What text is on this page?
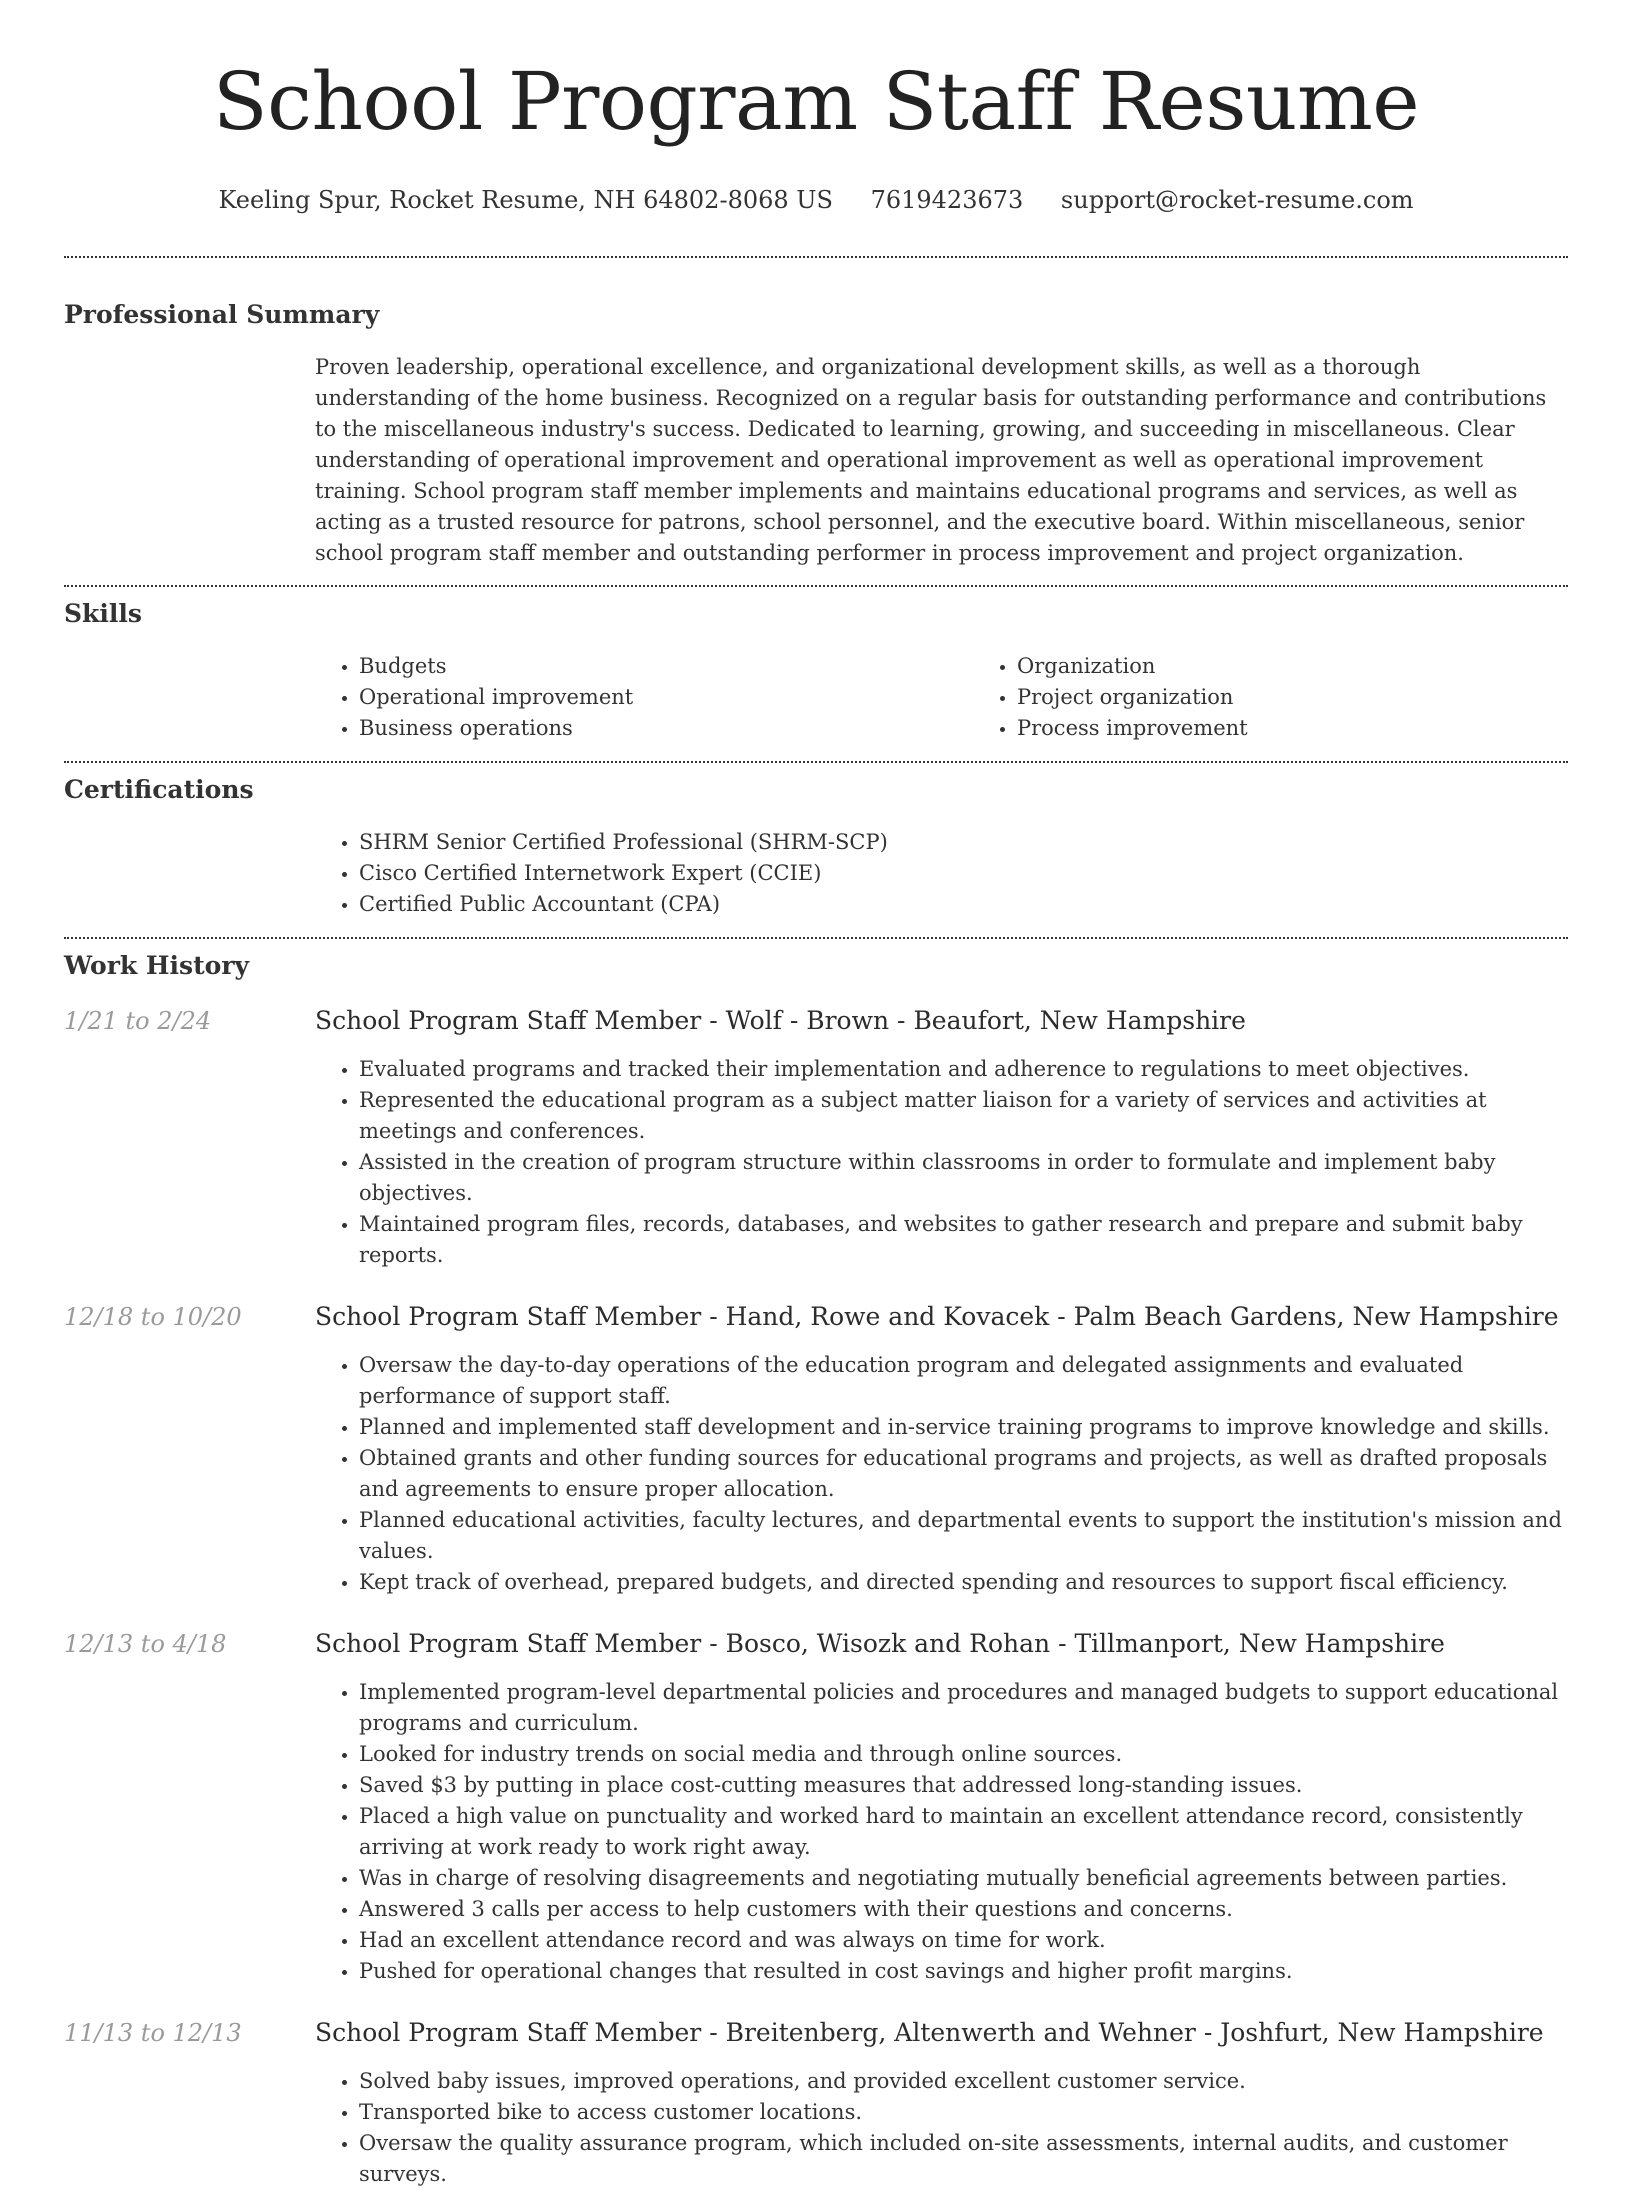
School Program Staff Resume
Keeling Spur, Rocket Resume, NH 64802-8068 US 7619423673 support@rocket-resume.com
Professional Summary

Proven leadership, operational excellence, and organizational development skills, as well as a thorough understanding of the home business. Recognized on a regular basis for outstanding performance and contributions to the miscellaneous industry's success. Dedicated to learning, growing, and succeeding in miscellaneous. Clear understanding of operational improvement and operational improvement as well as operational improvement training. School program staff member implements and maintains educational programs and services, as well as acting as a trusted resource for patrons, school personnel, and the executive board. Within miscellaneous, senior school program staff member and outstanding performer in process improvement and project organization.

Skills
• Budgets
• Operational improvement
• Business operations
• Organization
• Project organization
• Process improvement
Certifications
• SHRM Senior Certified Professional (SHRM-SCP)
• Cisco Certified Internetwork Expert (CCIE)
• Certified Public Accountant (CPA)
Work History
1/21 to 2/24	School Program Staff Member - Wolf - Brown - Beaufort, New Hampshire
• Evaluated programs and tracked their implementation and adherence to regulations to meet objectives.
• Represented the educational program as a subject matter liaison for a variety of services and activities at meetings and conferences.
• Assisted in the creation of program structure within classrooms in order to formulate and implement baby objectives.
• Maintained program files, records, databases, and websites to gather research and prepare and submit baby reports.
12/18 to 10/20	School Program Staff Member - Hand, Rowe and Kovacek - Palm Beach Gardens, New Hampshire
• Oversaw the day-to-day operations of the education program and delegated assignments and evaluated performance of support staff.
• Planned and implemented staff development and in-service training programs to improve knowledge and skills.
• Obtained grants and other funding sources for educational programs and projects, as well as drafted proposals and agreements to ensure proper allocation.
• Planned educational activities, faculty lectures, and departmental events to support the institution's mission and values.
• Kept track of overhead, prepared budgets, and directed spending and resources to support fiscal efficiency.
12/13 to 4/18	School Program Staff Member - Bosco, Wisozk and Rohan - Tillmanport, New Hampshire
• Implemented program-level departmental policies and procedures and managed budgets to support educational programs and curriculum.
• Looked for industry trends on social media and through online sources.
• Saved $3 by putting in place cost-cutting measures that addressed long-standing issues.
• Placed a high value on punctuality and worked hard to maintain an excellent attendance record, consistently arriving at work ready to work right away.
• Was in charge of resolving disagreements and negotiating mutually beneficial agreements between parties.
• Answered 3 calls per access to help customers with their questions and concerns.
• Had an excellent attendance record and was always on time for work.
• Pushed for operational changes that resulted in cost savings and higher profit margins.
11/13 to 12/13	School Program Staff Member - Breitenberg, Altenwerth and Wehner - Joshfurt, New Hampshire
• Solved baby issues, improved operations, and provided excellent customer service.
• Transported bike to access customer locations.
• Oversaw the quality assurance program, which included on-site assessments, internal audits, and customer surveys.
